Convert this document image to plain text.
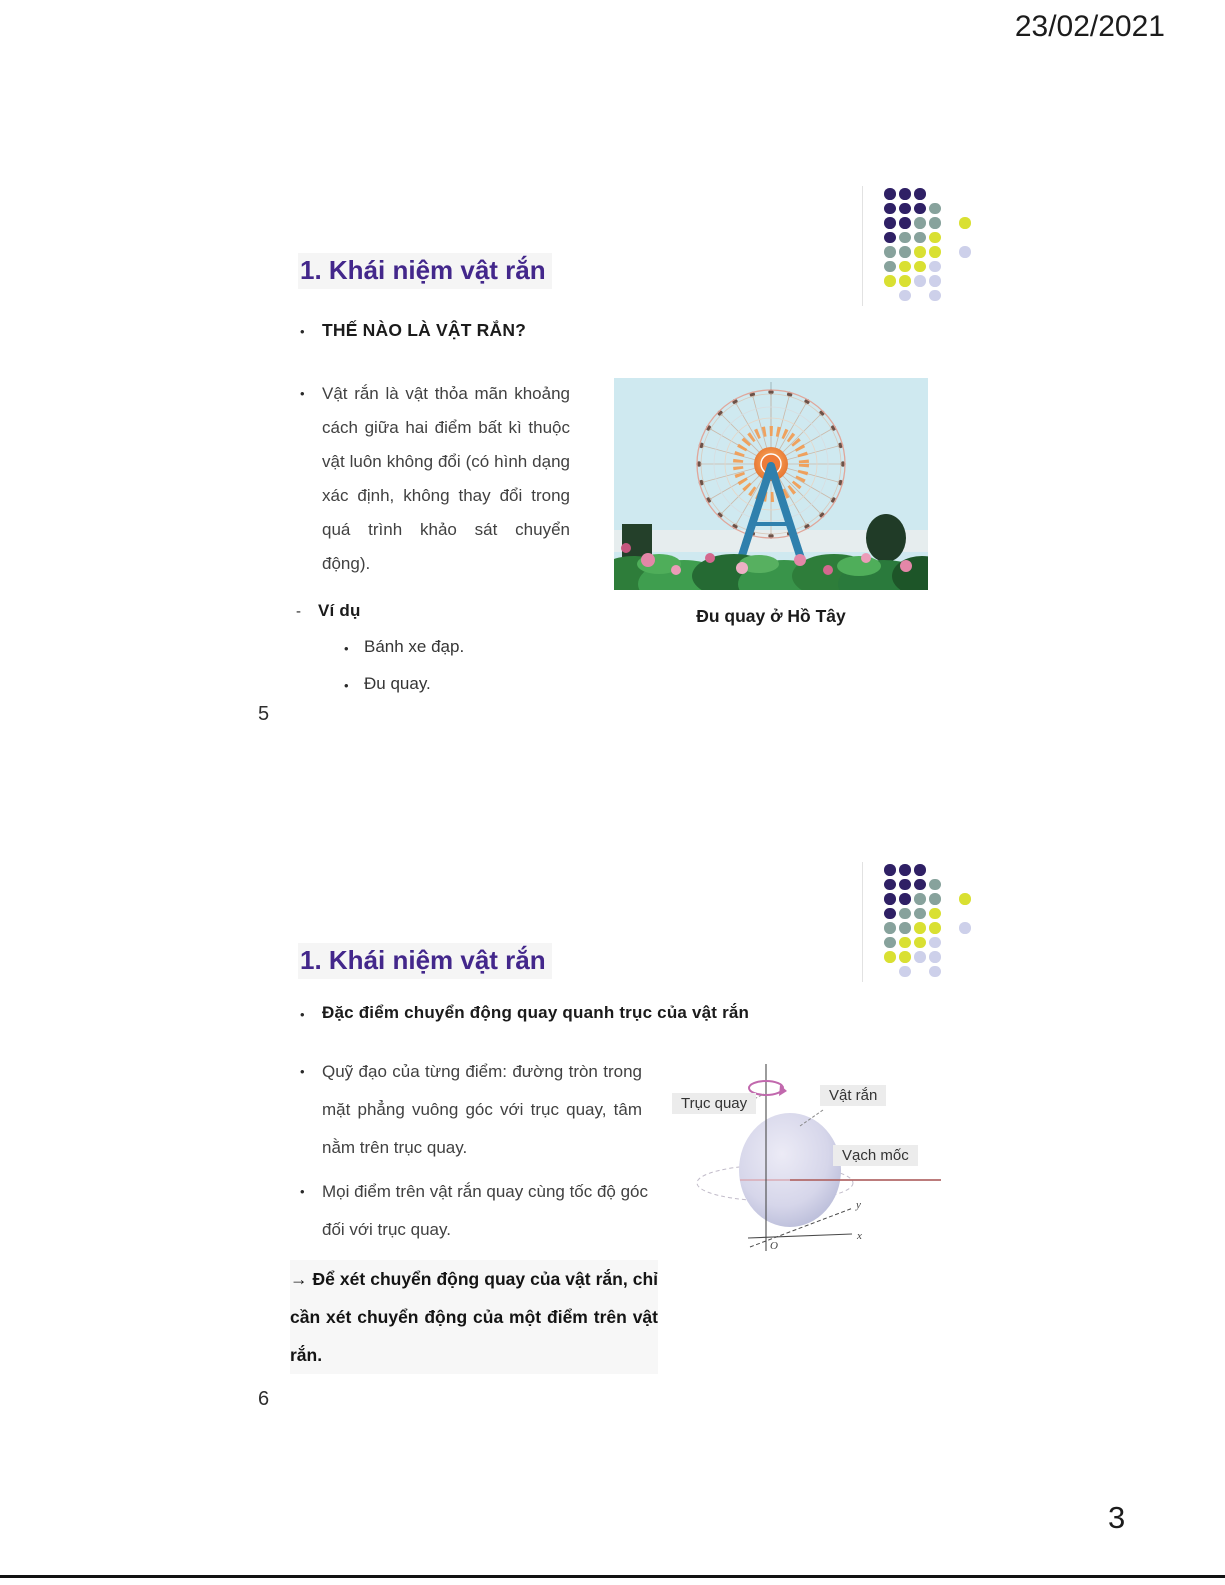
23/02/2021
1. Khái niệm vật rắn
• THẾ NÀO LÀ VẬT RẮN?
•	Vật rắn là vật thỏa mãn khoảng cách giữa hai điểm bất kì thuộc vật luôn không đổi (có hình dạng xác định, không thay đổi trong quá trình khảo sát chuyển động).
-	Ví dụ
• Bánh xe đạp.
• Đu quay.
Đu quay ở Hồ Tây
5
1. Khái niệm vật rắn
•	Đặc điểm chuyển động quay quanh trục của vật rắn
•	Quỹ đạo của từng điểm: đường tròn trong mặt phẳng vuông góc với trục quay, tâm nằm trên trục quay.
•	Mọi điểm trên vật rắn quay cùng tốc độ góc đối với trục quay.
→ Để xét chuyển động quay của vật rắn, chỉ cần xét chuyển động của một điểm trên vật rắn.
x
y
O
Trục quay	Vật rắn
Vạch mốc
6
3
